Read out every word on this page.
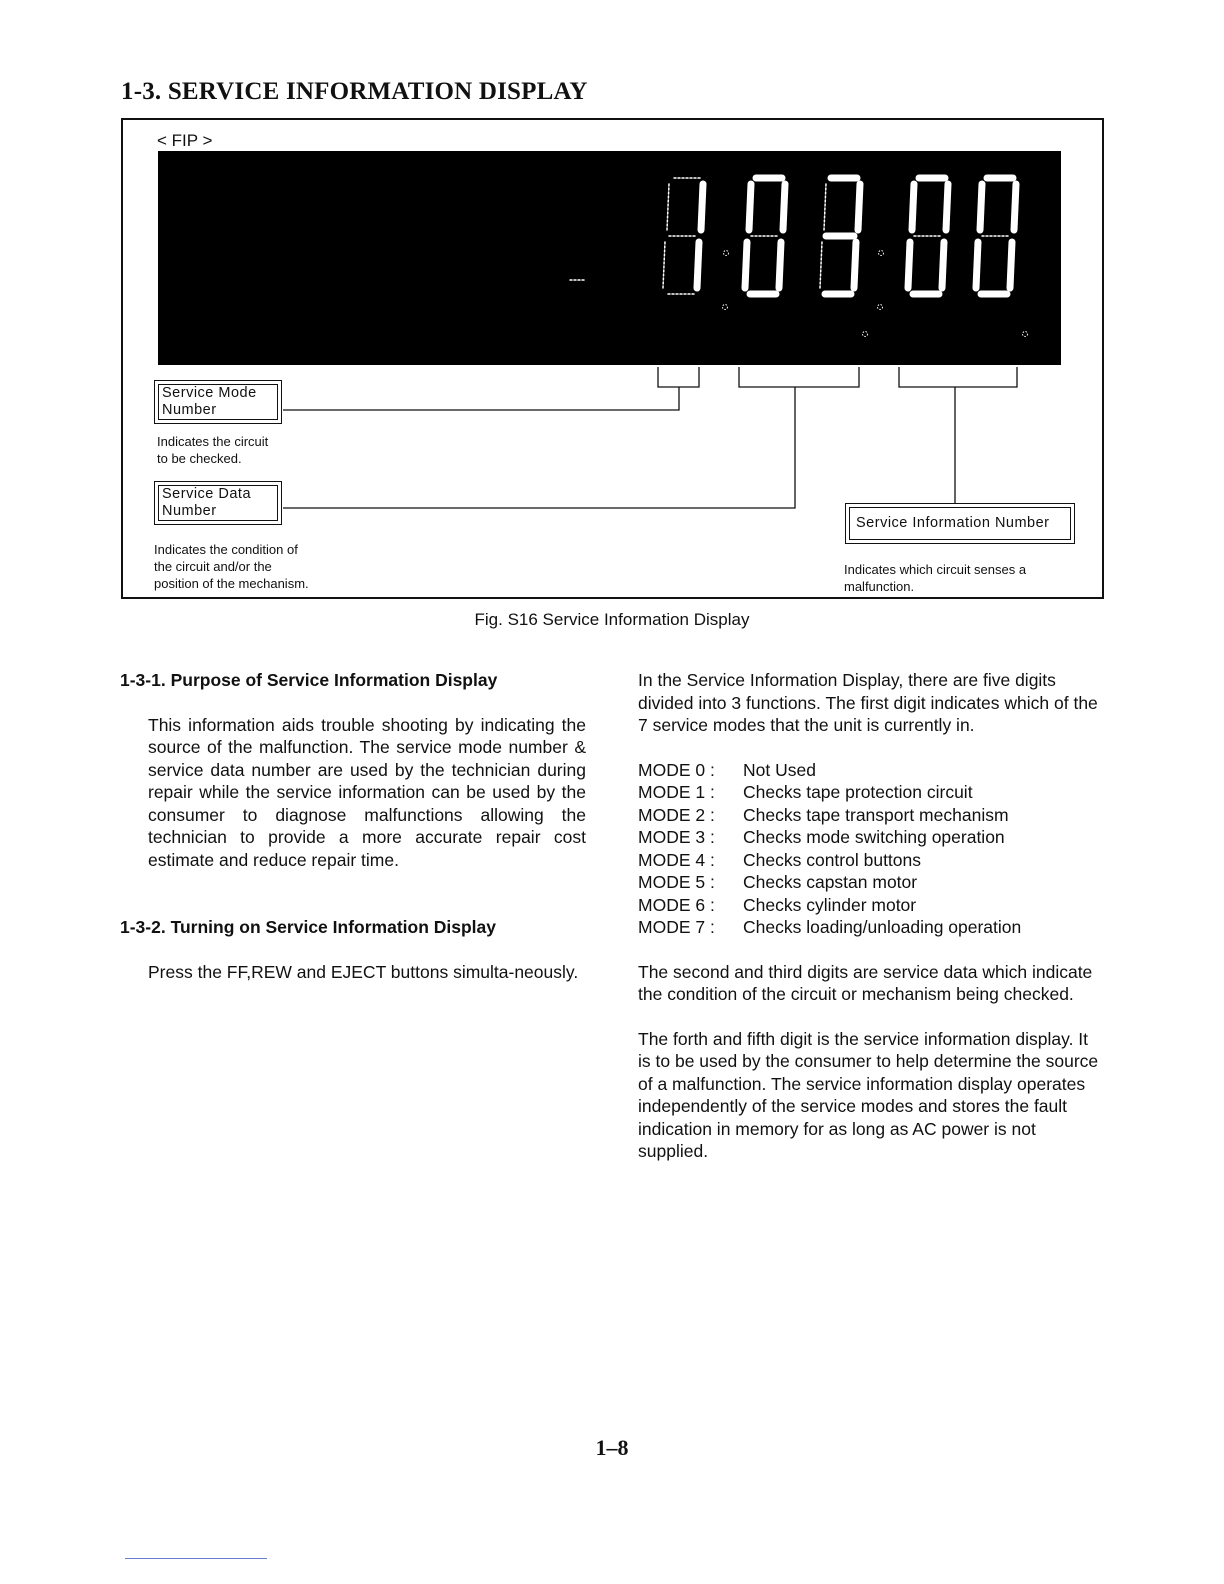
1-3. SERVICE INFORMATION DISPLAY
< FIP >
Service Mode
Number
Indicates the circuit
to be checked.
Service Data
Number
Indicates the condition of
the circuit and/or the
position of the mechanism.
Service Information Number
Indicates which circuit senses a
malfunction.
Fig. S16 Service Information Display
1-3-1. Purpose of Service Information Display

This information aids trouble shooting by indicating the source of the malfunction. The service mode number & service data number are used by the technician during repair while the service information can be used by the consumer to diagnose malfunctions allowing the technician to provide a more accurate repair cost estimate and reduce repair time.

1-3-2. Turning on Service Information Display

Press the FF,REW and EJECT buttons simulta-neously.

In the Service Information Display, there are five digits divided into 3 functions. The first digit indicates which of the 7 service modes that the unit is currently in.

MODE 0 :	Not Used
MODE 1 :	Checks tape protection circuit
MODE 2 :	Checks tape transport mechanism
MODE 3 :	Checks mode switching operation
MODE 4 :	Checks control buttons
MODE 5 :	Checks capstan motor
MODE 6 :	Checks cylinder motor
MODE 7 :	Checks loading/unloading operation

The second and third digits are service data which indicate the condition of the circuit or mechanism being checked.

The forth and fifth digit is the service information display. It is to be used by the consumer to help determine the source of a malfunction. The service information display operates independently of the service modes and stores the fault indication in memory for as long as AC power is not supplied.

1–8
